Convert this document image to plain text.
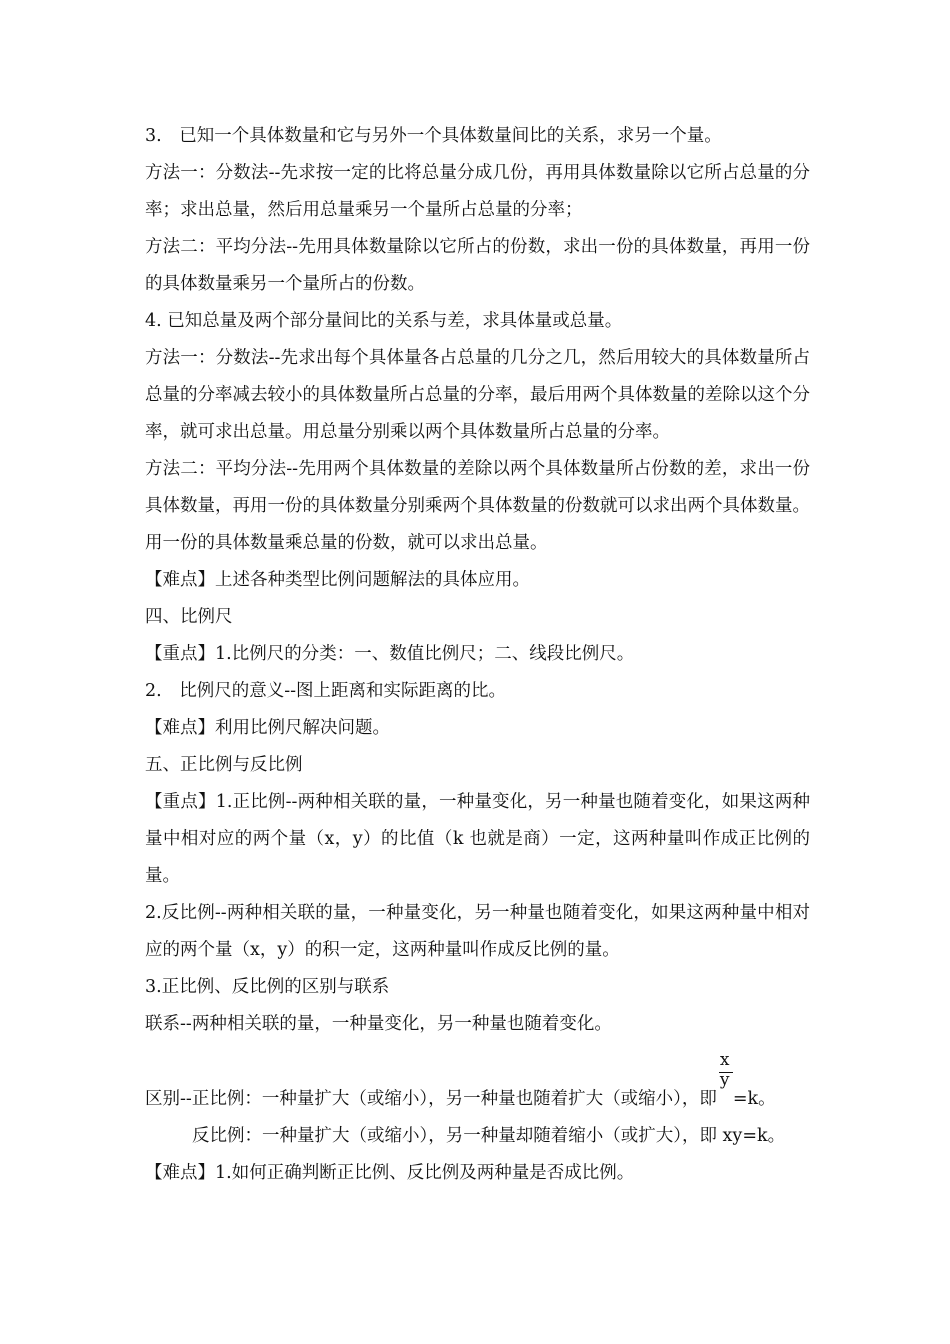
3.　已知一个具体数量和它与另外一个具体数量间比的关系，求另一个量。

方法一：分数法--先求按一定的比将总量分成几份，再用具体数量除以它所占总量的分率；求出总量，然后用总量乘另一个量所占总量的分率；

方法二：平均分法--先用具体数量除以它所占的份数，求出一份的具体数量，再用一份的具体数量乘另一个量所占的份数。

4. 已知总量及两个部分量间比的关系与差，求具体量或总量。

方法一：分数法--先求出每个具体量各占总量的几分之几，然后用较大的具体数量所占总量的分率减去较小的具体数量所占总量的分率，最后用两个具体数量的差除以这个分率，就可求出总量。用总量分别乘以两个具体数量所占总量的分率。

方法二：平均分法--先用两个具体数量的差除以两个具体数量所占份数的差，求出一份具体数量，再用一份的具体数量分别乘两个具体数量的份数就可以求出两个具体数量。用一份的具体数量乘总量的份数，就可以求出总量。

【难点】上述各种类型比例问题解法的具体应用。

四、比例尺

【重点】1.比例尺的分类：一、数值比例尺；二、线段比例尺。

2.　比例尺的意义--图上距离和实际距离的比。

【难点】利用比例尺解决问题。

五、正比例与反比例

【重点】1.正比例--两种相关联的量，一种量变化，另一种量也随着变化，如果这两种量中相对应的两个量（x，y）的比值（k 也就是商）一定，这两种量叫作成正比例的量。

2.反比例--两种相关联的量，一种量变化，另一种量也随着变化，如果这两种量中相对应的两个量（x，y）的积一定，这两种量叫作成反比例的量。

3.正比例、反比例的区别与联系

联系--两种相关联的量，一种量变化，另一种量也随着变化。

区别--正比例：一种量扩大（或缩小），另一种量也随着扩大（或缩小），即 $\frac{x}{y} =k$。

反比例：一种量扩大（或缩小），另一种量却随着缩小（或扩大），即 xy=k。

【难点】1.如何正确判断正比例、反比例及两种量是否成比例。
